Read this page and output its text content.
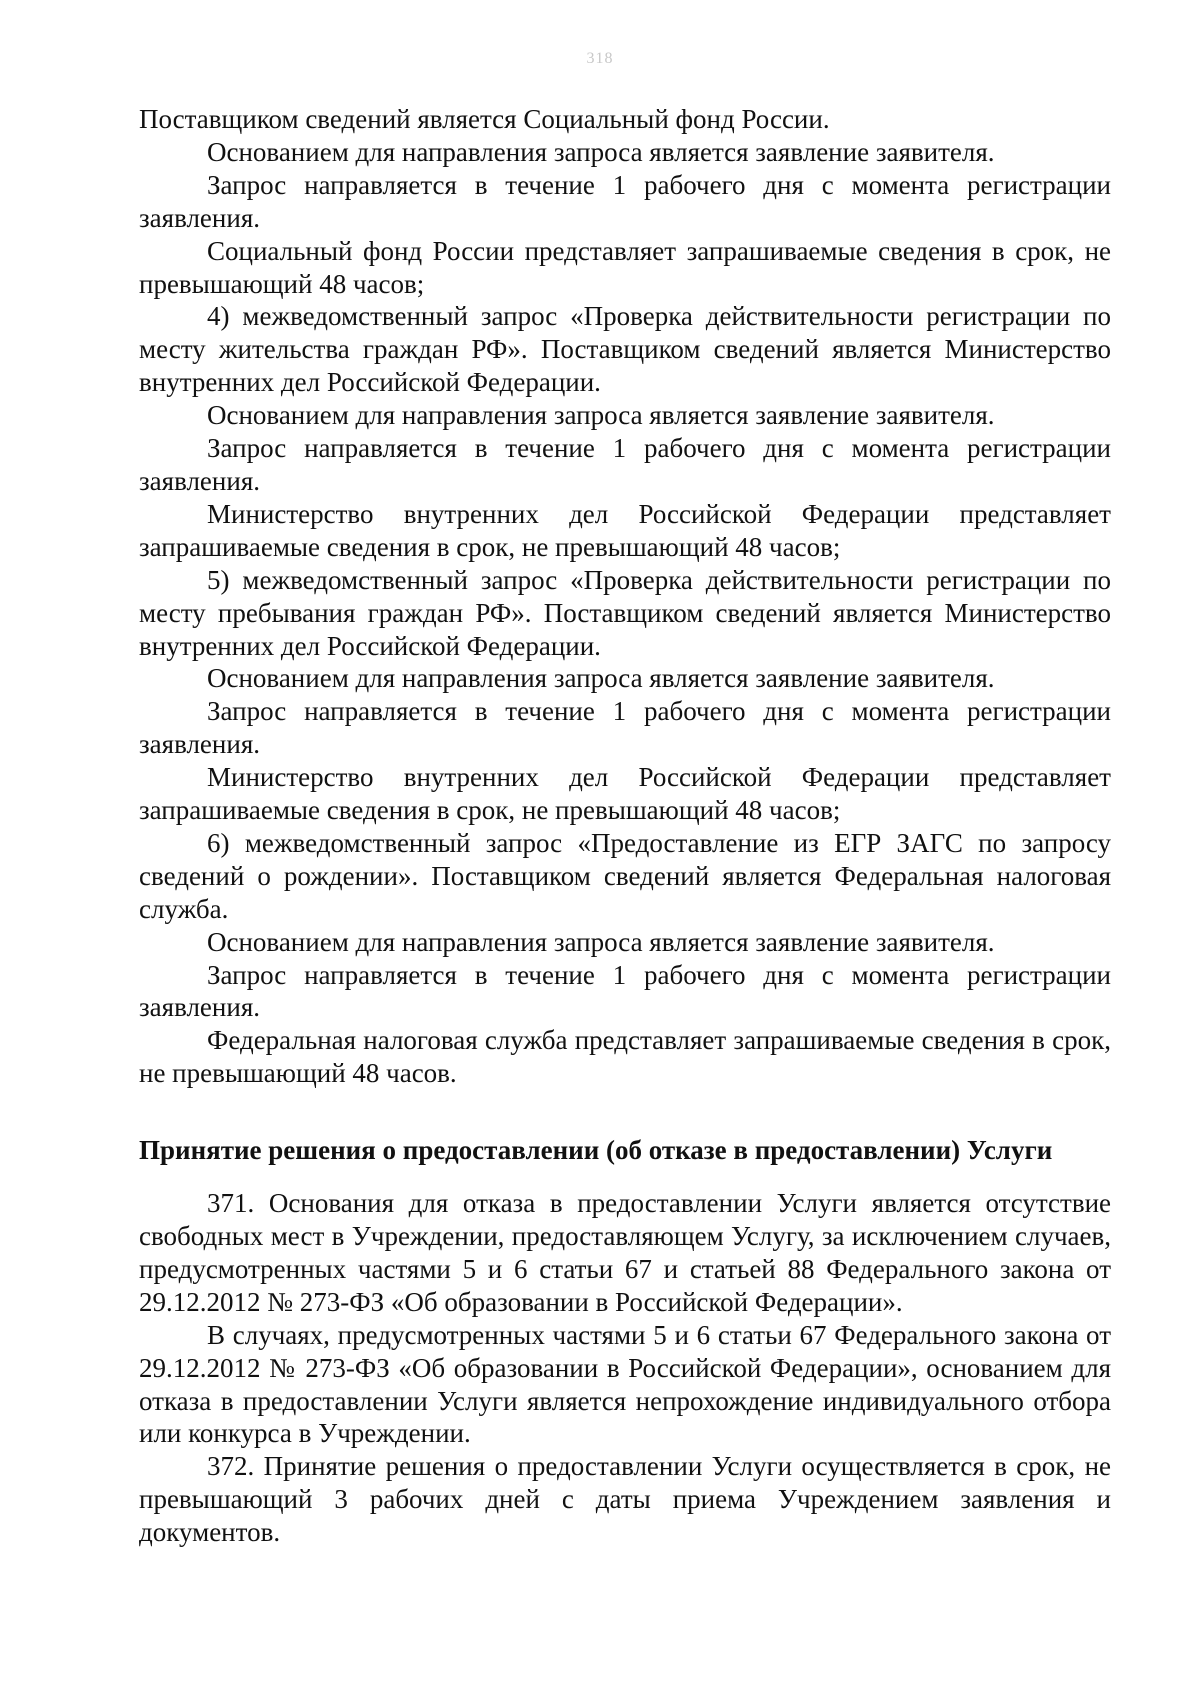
318

Поставщиком сведений является Социальный фонд России.

Основанием для направления запроса является заявление заявителя.

Запрос направляется в течение 1 рабочего дня с момента регистрации заявления.

Социальный фонд России представляет запрашиваемые сведения в срок, не превышающий 48 часов;

4) межведомственный запрос «Проверка действительности регистрации по месту жительства граждан РФ». Поставщиком сведений является Министерство внутренних дел Российской Федерации.

Основанием для направления запроса является заявление заявителя.

Запрос направляется в течение 1 рабочего дня с момента регистрации заявления.

Министерство внутренних дел Российской Федерации представляет запрашиваемые сведения в срок, не превышающий 48 часов;

5) межведомственный запрос «Проверка действительности регистрации по месту пребывания граждан РФ». Поставщиком сведений является Министерство внутренних дел Российской Федерации.

Основанием для направления запроса является заявление заявителя.

Запрос направляется в течение 1 рабочего дня с момента регистрации заявления.

Министерство внутренних дел Российской Федерации представляет запрашиваемые сведения в срок, не превышающий 48 часов;

6) межведомственный запрос «Предоставление из ЕГР ЗАГС по запросу сведений о рождении». Поставщиком сведений является Федеральная налоговая служба.

Основанием для направления запроса является заявление заявителя.

Запрос направляется в течение 1 рабочего дня с момента регистрации заявления.

Федеральная налоговая служба представляет запрашиваемые сведения в срок, не превышающий 48 часов.

Принятие решения о предоставлении (об отказе в предоставлении) Услуги

371. Основания для отказа в предоставлении Услуги является отсутствие свободных мест в Учреждении, предоставляющем Услугу, за исключением случаев, предусмотренных частями 5 и 6 статьи 67 и статьей 88 Федерального закона от 29.12.2012 № 273-ФЗ «Об образовании в Российской Федерации».

В случаях, предусмотренных частями 5 и 6 статьи 67 Федерального закона от 29.12.2012 № 273-ФЗ «Об образовании в Российской Федерации», основанием для отказа в предоставлении Услуги является непрохождение индивидуального отбора или конкурса в Учреждении.

372. Принятие решения о предоставлении Услуги осуществляется в срок, не превышающий 3 рабочих дней с даты приема Учреждением заявления и документов.
